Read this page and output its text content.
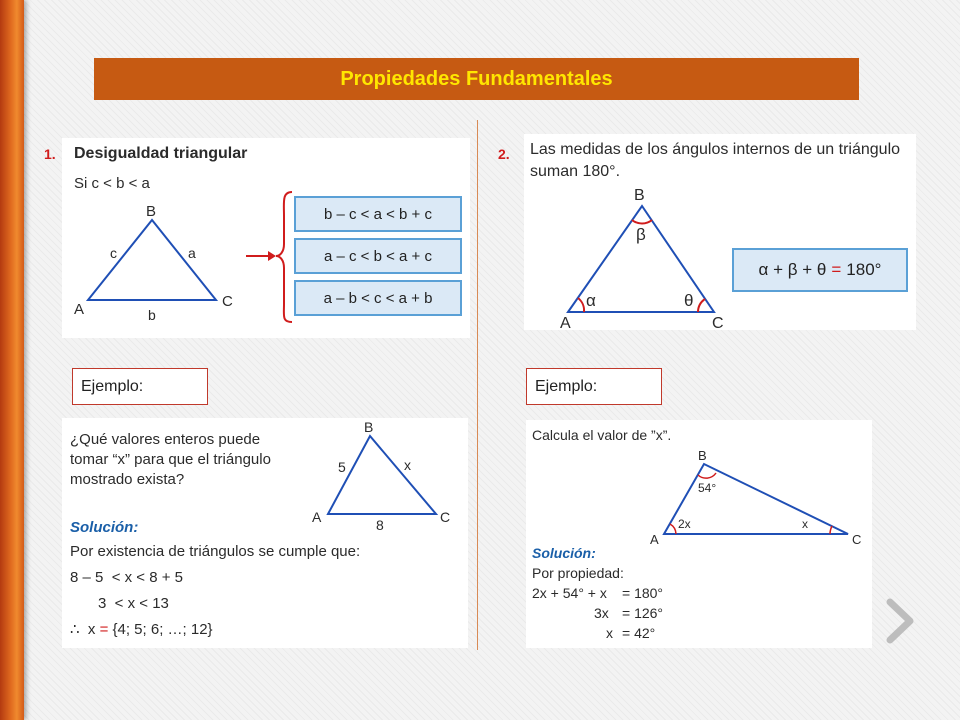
Propiedades Fundamentales
1. Desigualdad triangular
Si c < b < a
B
A	C
c	a
b
b – c < a < b + c
a – c < b < a + c
a – b < c < a + b
2. Las medidas de los ángulos internos de un triángulo
suman 180°.
B
A	C
β
α	θ
α + β + θ = 180°
Ejemplo:	Ejemplo:
¿Qué valores enteros puede
tomar “x” para que el triángulo
mostrado exista?
B
A	C
5	x
8
Solución:
Por existencia de triángulos se cumple que:
8 – 5  < x < 8 + 5
3  < x < 13
∴  x = {4; 5; 6; …; 12}
Calcula el valor de ”x”.
B
A	C
54°
2x	x
Solución:
Por propiedad:
2x + 54° + x = 180°
3x = 126°
x = 42°
